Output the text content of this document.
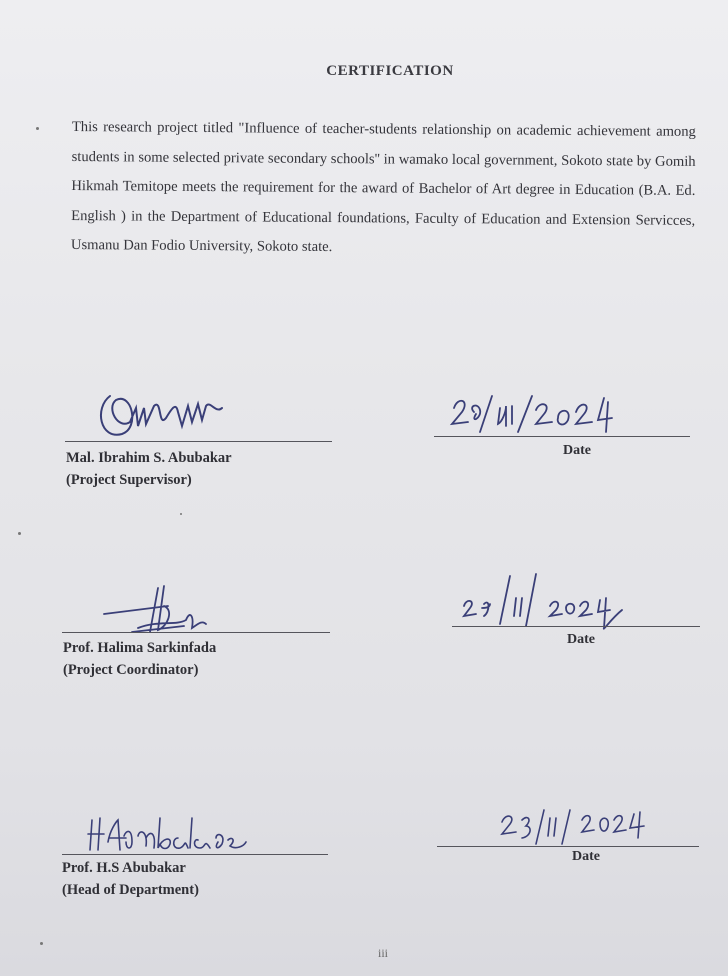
CERTIFICATION
This research project titled "Influence of teacher-students relationship on academic achievement among students in some selected private secondary schools'' in wamako local government, Sokoto state by Gomih Hikmah Temitope meets the requirement for the award of Bachelor of Art degree in Education (B.A. Ed. English ) in the Department of Educational foundations, Faculty of Education and Extension Servicces, Usmanu Dan Fodio University, Sokoto state.
Mal. Ibrahim S. Abubakar
(Project Supervisor)
Date
Prof. Halima Sarkinfada
(Project Coordinator)
Date
Prof. H.S Abubakar
(Head of Department)
Date
iii
